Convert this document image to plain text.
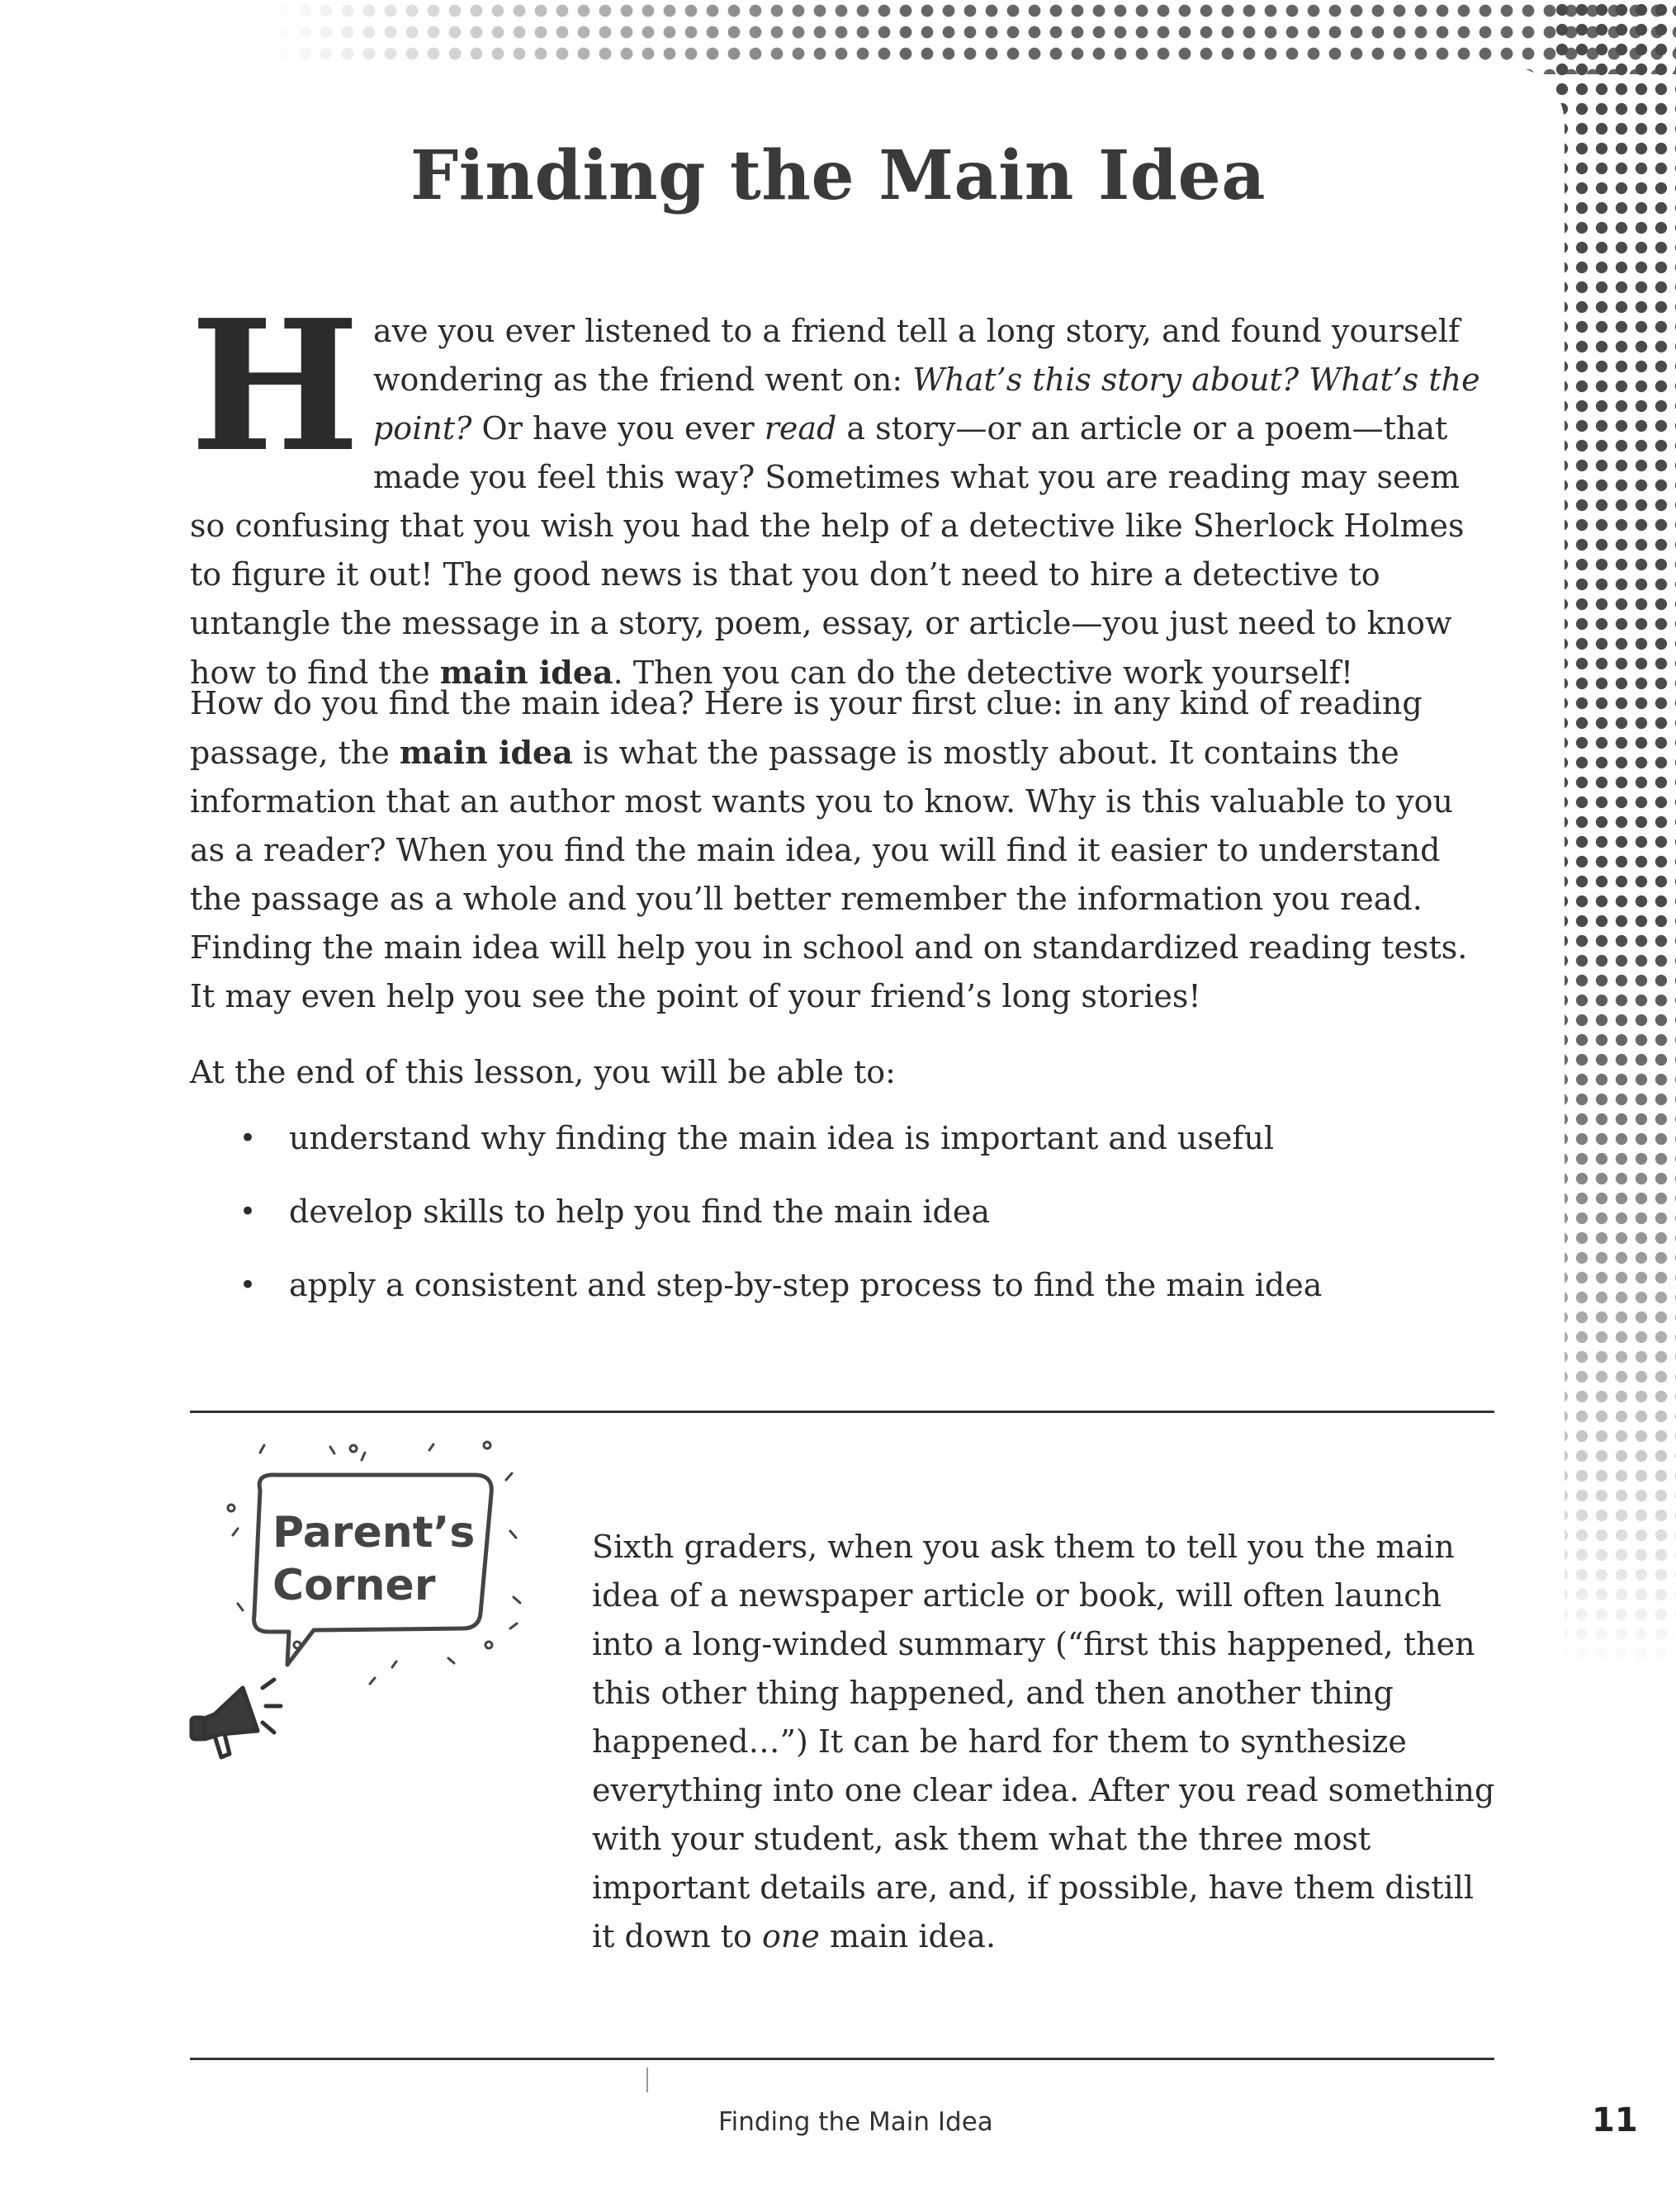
Finding the Main Idea
H ave you ever listened to a friend tell a long story, and found yourself wondering as the friend went on: What’s this story about? What’s the point? Or have you ever read a story—or an article or a poem—that made you feel this way? Sometimes what you are reading may seem so confusing that you wish you had the help of a detective like Sherlock Holmes to figure it out! The good news is that you don’t need to hire a detective to untangle the message in a story, poem, essay, or article—you just need to know how to find the main idea. Then you can do the detective work yourself!

How do you find the main idea? Here is your first clue: in any kind of reading passage, the main idea is what the passage is mostly about. It contains the information that an author most wants you to know. Why is this valuable to you as a reader? When you find the main idea, you will find it easier to understand the passage as a whole and you’ll better remember the information you read. Finding the main idea will help you in school and on standardized reading tests. It may even help you see the point of your friend’s long stories!

At the end of this lesson, you will be able to:

• understand why finding the main idea is important and useful
• develop skills to help you find the main idea
• apply a consistent and step-by-step process to find the main idea
Parent’s
Corner

Sixth graders, when you ask them to tell you the main idea of a newspaper article or book, will often launch into a long-winded summary (“first this happened, then this other thing happened, and then another thing happened…”) It can be hard for them to synthesize everything into one clear idea. After you read something with your student, ask them what the three most important details are, and, if possible, have them distill it down to one main idea.

Finding the Main Idea	11
